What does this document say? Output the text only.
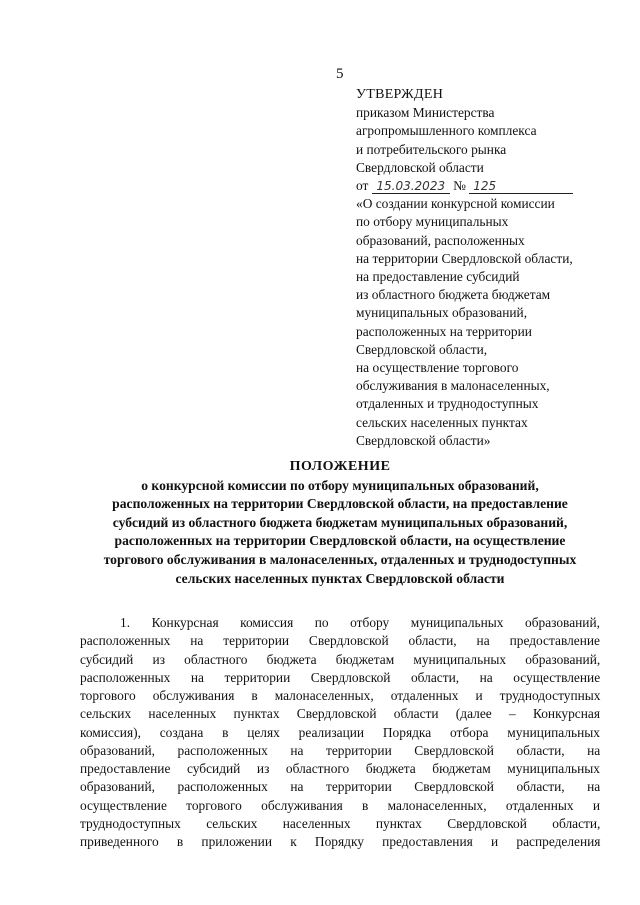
5
УТВЕРЖДЕН
приказом Министерства
агропромышленного комплекса
и потребительского рынка
Свердловской области
от 15.03.2023 № 125
«О создании конкурсной комиссии
по отбору муниципальных
образований, расположенных
на территории Свердловской области,
на предоставление субсидий
из областного бюджета бюджетам
муниципальных образований,
расположенных на территории
Свердловской области,
на осуществление торгового
обслуживания в малонаселенных,
отдаленных и труднодоступных
сельских населенных пунктах
Свердловской области»
ПОЛОЖЕНИЕ
о конкурсной комиссии по отбору муниципальных образований,
расположенных на территории Свердловской области, на предоставление
субсидий из областного бюджета бюджетам муниципальных образований,
расположенных на территории Свердловской области, на осуществление
торгового обслуживания в малонаселенных, отдаленных и труднодоступных
сельских населенных пунктах Свердловской области
1. Конкурсная комиссия по отбору муниципальных образований,
расположенных на территории Свердловской области, на предоставление
субсидий из областного бюджета бюджетам муниципальных образований,
расположенных на территории Свердловской области, на осуществление
торгового обслуживания в малонаселенных, отдаленных и труднодоступных
сельских населенных пунктах Свердловской области (далее – Конкурсная
комиссия), создана в целях реализации Порядка отбора муниципальных
образований, расположенных на территории Свердловской области, на
предоставление субсидий из областного бюджета бюджетам муниципальных
образований, расположенных на территории Свердловской области, на
осуществление торгового обслуживания в малонаселенных, отдаленных и
труднодоступных сельских населенных пунктах Свердловской области,
приведенного в приложении к Порядку предоставления и распределения
